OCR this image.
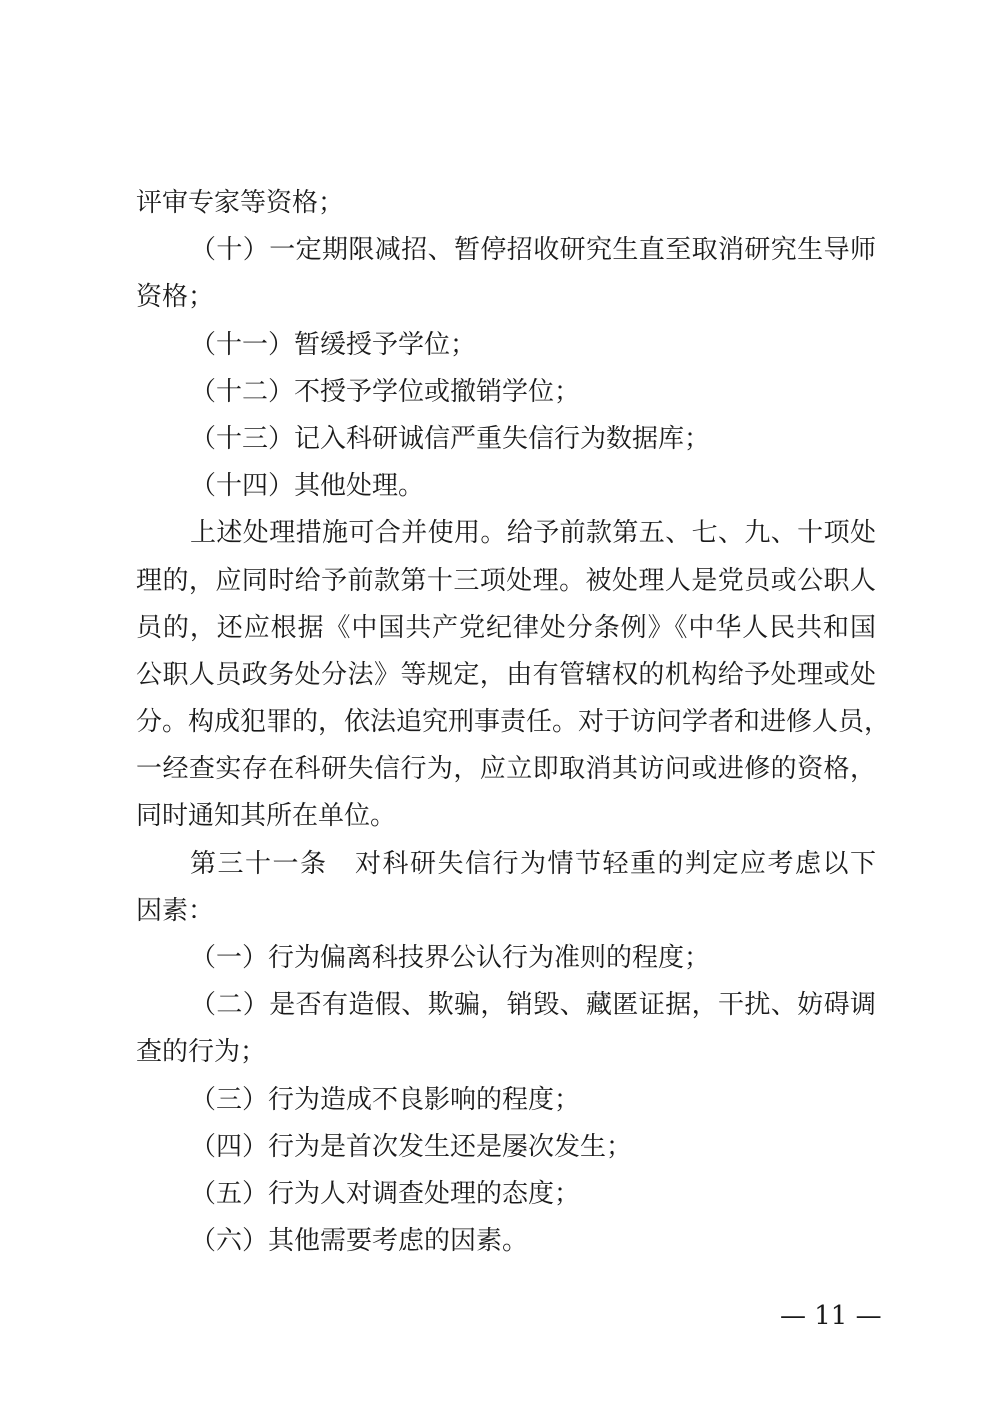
评审专家等资格；
（十）一定期限减招、暂停招收研究生直至取消研究生导师
资格；
（十一）暂缓授予学位；
（十二）不授予学位或撤销学位；
（十三）记入科研诚信严重失信行为数据库；
（十四）其他处理。
上述处理措施可合并使用。给予前款第五、七、九、十项处
理的，应同时给予前款第十三项处理。被处理人是党员或公职人
员的，还应根据《中国共产党纪律处分条例》《中华人民共和国
公职人员政务处分法》等规定，由有管辖权的机构给予处理或处
分。构成犯罪的，依法追究刑事责任。对于访问学者和进修人员，
一经查实存在科研失信行为，应立即取消其访问或进修的资格，
同时通知其所在单位。
第三十一条　对科研失信行为情节轻重的判定应考虑以下
因素：
（一）行为偏离科技界公认行为准则的程度；
（二）是否有造假、欺骗，销毁、藏匿证据，干扰、妨碍调
查的行为；
（三）行为造成不良影响的程度；
（四）行为是首次发生还是屡次发生；
（五）行为人对调查处理的态度；
（六）其他需要考虑的因素。
— 11 —
